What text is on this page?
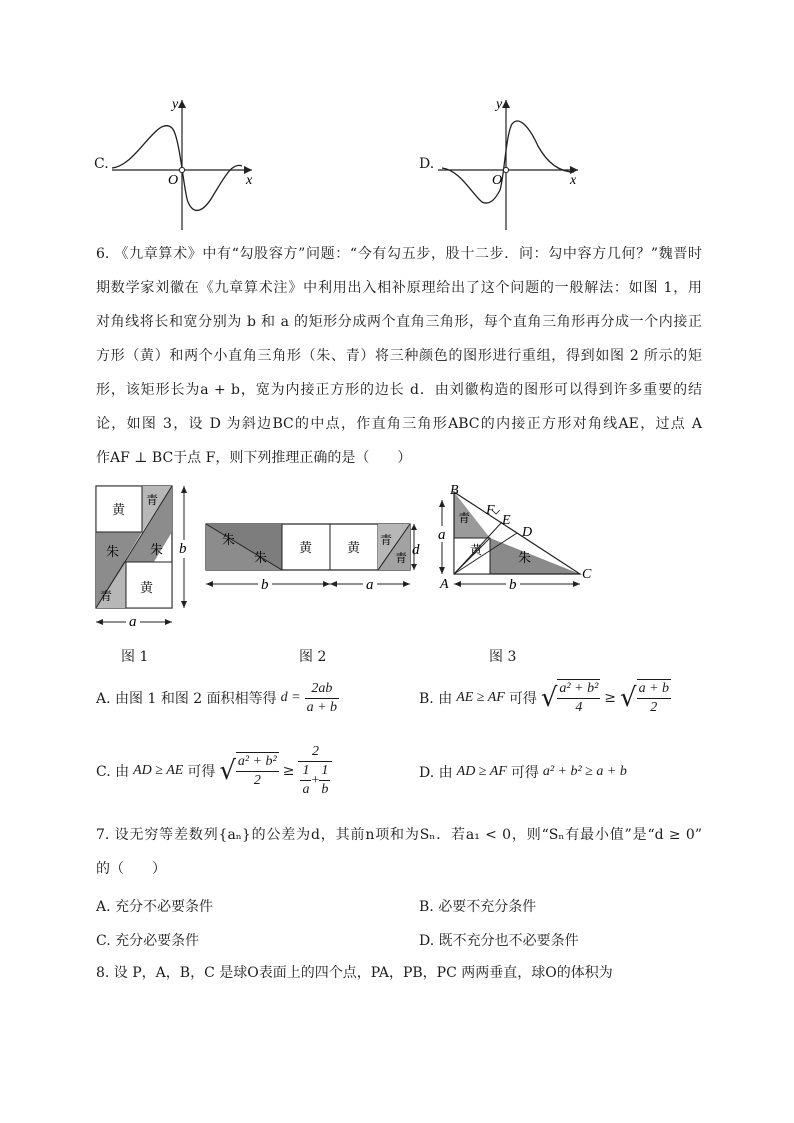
C.
y
x
O
D.
y
x
O
6. 《九章算术》中有“勾股容方”问题：“今有勾五步，股十二步．问：勾中容方几何？”魏晋时
期数学家刘徽在《九章算术注》中利用出入相补原理给出了这个问题的一般解法：如图 1，用
对角线将长和宽分别为 b 和 a 的矩形分成两个直角三角形，每个直角三角形再分成一个内接正
方形（黄）和两个小直角三角形（朱、青）将三种颜色的图形进行重组，得到如图 2 所示的矩
形，该矩形长为a + b，宽为内接正方形的边长 d．由刘徽构造的图形可以得到许多重要的结
论，如图 3，设 D 为斜边BC的中点，作直角三角形ABC的内接正方形对角线AE，过点 A
作AF ⊥ BC于点 F，则下列推理正确的是（　　）
黄
青
朱 朱
黄
青
b
a
朱
朱
黄	黄 青
青 d
b	a
青
黄	朱
B
A
C
D
E
F
a
b
图 1	图 2	图 3
A. 由图 1 和图 2 面积相等得 $d = \frac{2ab}{a + b}$	B. 由 AE ≥ AF 可得 √ $\frac{\text{a² + b²}}{4}$ ≥ √ $\frac{a + b}{2}$
C. 由 AD ≥ AE 可得 √ $\frac{\text{a² + b²}}{2} \ge \frac{2}{\frac{1}{a} + \frac{1}{b}}$	D. 由 AD ≥ AF 可得 a² + b² ≥ a + b
7. 设无穷等差数列{aₙ}的公差为d，其前n项和为Sₙ．若a₁ < 0，则“Sₙ有最小值”是“d ≥ 0”
的（　　）
A. 充分不必要条件	B. 必要不充分条件
C. 充分必要条件	D. 既不充分也不必要条件
8. 设 P，A，B，C 是球O表面上的四个点，PA，PB，PC 两两垂直，球O的体积为
